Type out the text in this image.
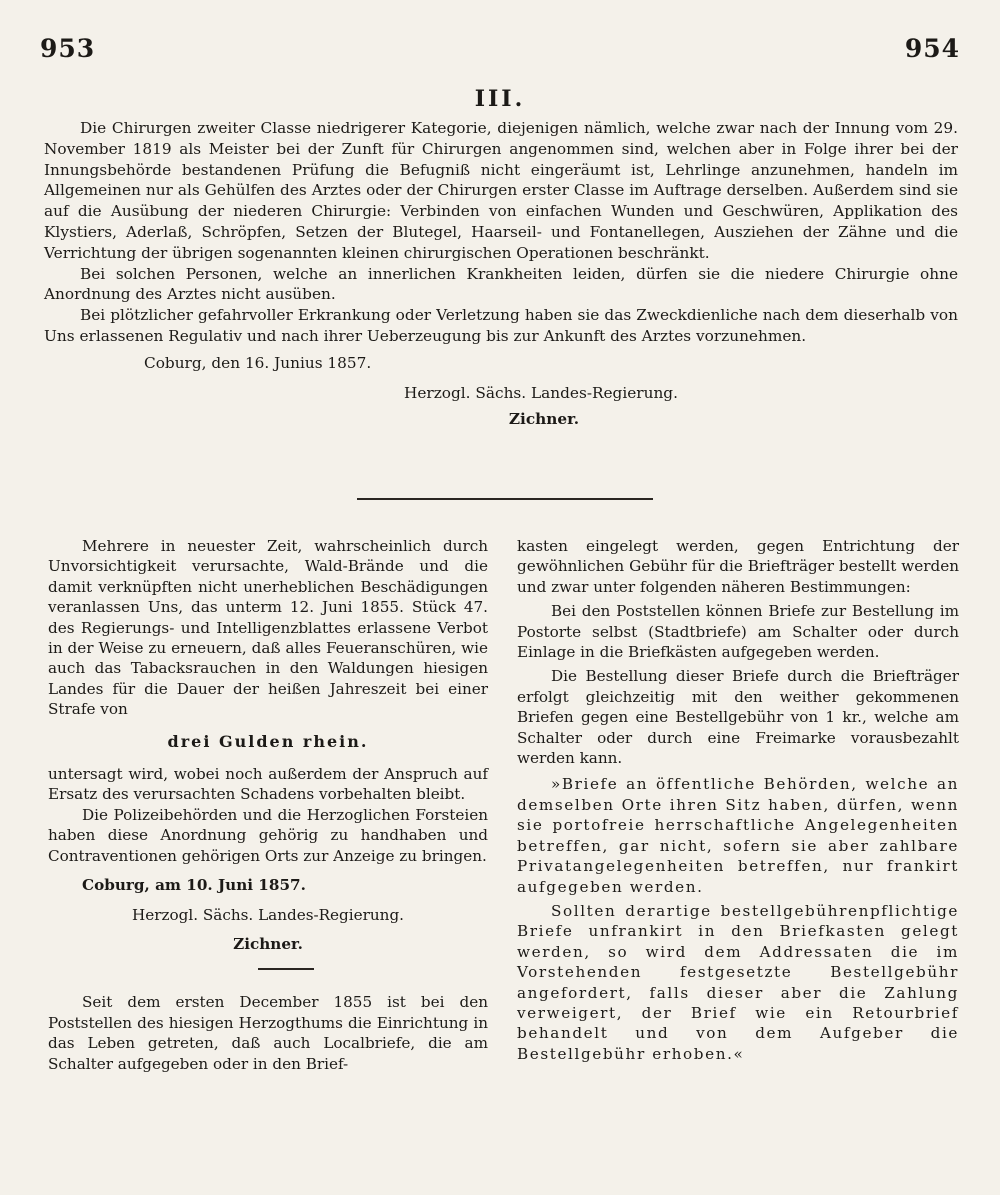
953	954
III.

Die Chirurgen zweiter Classe niedrigerer Kategorie, diejenigen nämlich, welche zwar nach der Innung vom 29. November 1819 als Meister bei der Zunft für Chirurgen angenommen sind, welchen aber in Folge ihrer bei der Innungsbehörde bestandenen Prüfung die Befugniß nicht eingeräumt ist, Lehrlinge anzunehmen, handeln im Allgemeinen nur als Gehülfen des Arztes oder der Chirurgen erster Classe im Auftrage derselben. Außerdem sind sie auf die Ausübung der niederen Chirurgie: Verbinden von einfachen Wunden und Geschwüren, Applikation des Klystiers, Aderlaß, Schröpfen, Setzen der Blutegel, Haarseil- und Fontanellegen, Ausziehen der Zähne und die Verrichtung der übrigen sogenannten kleinen chirurgischen Operationen beschränkt.

Bei solchen Personen, welche an innerlichen Krankheiten leiden, dürfen sie die niedere Chirurgie ohne Anordnung des Arztes nicht ausüben.

Bei plötzlicher gefahrvoller Erkrankung oder Verletzung haben sie das Zweckdienliche nach dem dieserhalb von Uns erlassenen Regulativ und nach ihrer Ueberzeugung bis zur Ankunft des Arztes vorzunehmen.

Coburg, den 16. Junius 1857.
Herzogl. Sächs. Landes-Regierung.
Zichner.

Mehrere in neuester Zeit, wahrscheinlich durch Unvorsichtigkeit verursachte, Wald-Brände und die damit verknüpften nicht unerheblichen Beschädigungen veranlassen Uns, das unterm 12. Juni 1855. Stück 47. des Regierungs- und Intelligenzblattes erlassene Verbot in der Weise zu erneuern, daß alles Feueranschüren, wie auch das Tabacksrauchen in den Waldungen hiesigen Landes für die Dauer der heißen Jahreszeit bei einer Strafe von

drei Gulden rhein.

untersagt wird, wobei noch außerdem der Anspruch auf Ersatz des verursachten Schadens vorbehalten bleibt.

Die Polizeibehörden und die Herzoglichen Forsteien haben diese Anordnung gehörig zu handhaben und Contraventionen gehörigen Orts zur Anzeige zu bringen.

Coburg, am 10. Juni 1857.
Herzogl. Sächs. Landes-Regierung.
Zichner.

Seit dem ersten December 1855 ist bei den Poststellen des hiesigen Herzogthums die Einrichtung in das Leben getreten, daß auch Localbriefe, die am Schalter aufgegeben oder in den Brief-

kasten eingelegt werden, gegen Entrichtung der gewöhnlichen Gebühr für die Briefträger bestellt werden und zwar unter folgenden näheren Bestimmungen:

Bei den Poststellen können Briefe zur Bestellung im Postorte selbst (Stadtbriefe) am Schalter oder durch Einlage in die Briefkästen aufgegeben werden.

Die Bestellung dieser Briefe durch die Briefträger erfolgt gleichzeitig mit den weither gekommenen Briefen gegen eine Bestellgebühr von 1 kr., welche am Schalter oder durch eine Freimarke vorausbezahlt werden kann.

»Briefe an öffentliche Behörden, welche an demselben Orte ihren Sitz haben, dürfen, wenn sie portofreie herrschaftliche Angelegenheiten betreffen, gar nicht, sofern sie aber zahlbare Privatangelegenheiten betreffen, nur frankirt aufgegeben werden.

Sollten derartige bestellgebührenpflichtige Briefe unfrankirt in den Briefkasten gelegt werden, so wird dem Addressaten die im Vorstehenden festgesetzte Bestellgebühr angefordert, falls dieser aber die Zahlung verweigert, der Brief wie ein Retourbrief behandelt und von dem Aufgeber die Bestellgebühr erhoben.«
